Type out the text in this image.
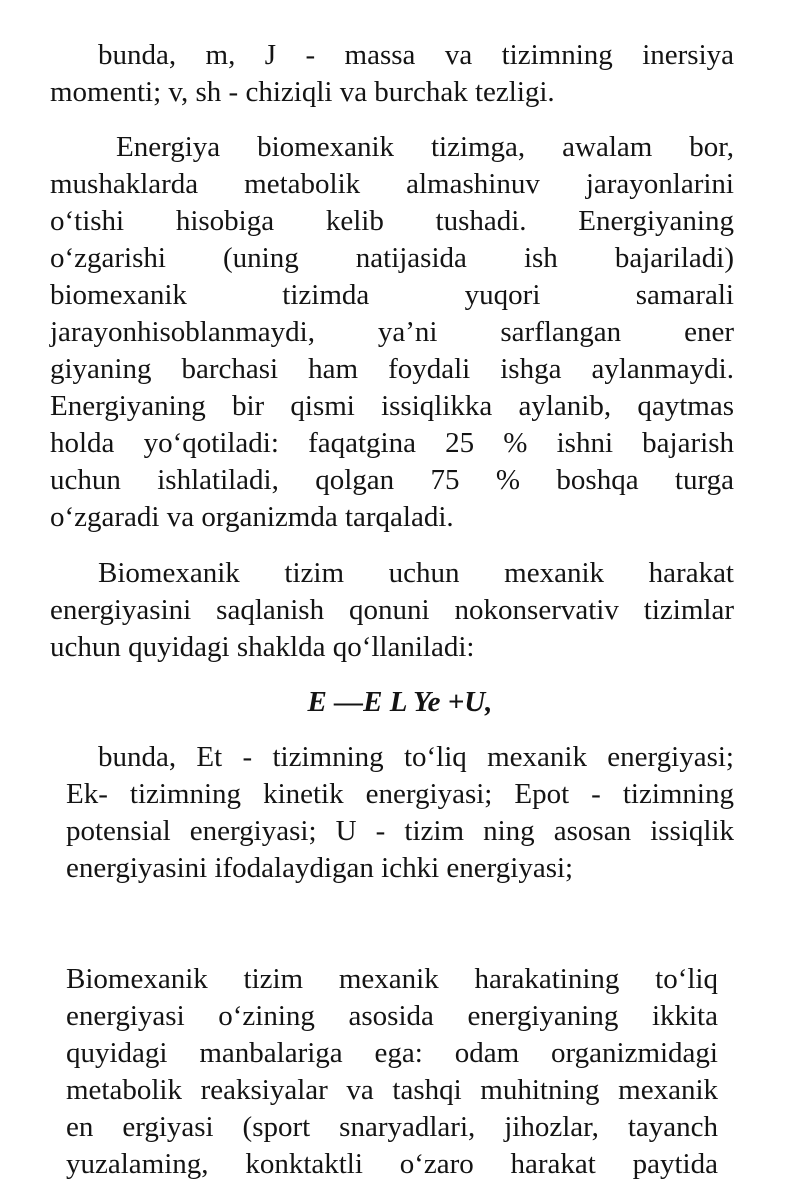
bunda, m, J - massa va tizimning inersiya
momenti; v, sh - chiziqli va burchak tezligi.
Energiya biomexanik tizimga, awalam bor,
mushaklarda metabolik almashinuv jarayonlarini
o‘tishi hisobiga kelib tushadi. Energiyaning
o‘zgarishi (uning natijasida ish bajariladi)
biomexanik tizimda yuqori samarali
jarayonhisoblanmaydi, ya’ni sarflangan ener
giyaning barchasi ham foydali ishga aylanmaydi.
Energiyaning bir qismi issiqlikka aylanib, qaytmas
holda yo‘qotiladi: faqatgina 25 % ishni bajarish
uchun ishlatiladi, qolgan 75 % boshqa turga
o‘zgaradi va organizmda tarqaladi.
Biomexanik tizim uchun mexanik harakat
energiyasini saqlanish qonuni nokonservativ tizimlar
uchun quyidagi shaklda qo‘llaniladi:
E —E L Ye +U,
bunda, Et - tizimning to‘liq mexanik energiyasi;
Ek- tizimning kinetik energiyasi; Epot - tizimning
potensial energiyasi; U - tizim ning asosan issiqlik
energiyasini ifodalaydigan ichki energiyasi;
Biomexanik tizim mexanik harakatining to‘liq
energiyasi o‘zining asosida energiyaning ikkita
quyidagi manbalariga ega: odam organizmidagi
metabolik reaksiyalar va tashqi muhitning mexanik
en ergiyasi (sport snaryadlari, jihozlar, tayanch
yuzalaming, konktaktli o‘zaro harakat paytida
